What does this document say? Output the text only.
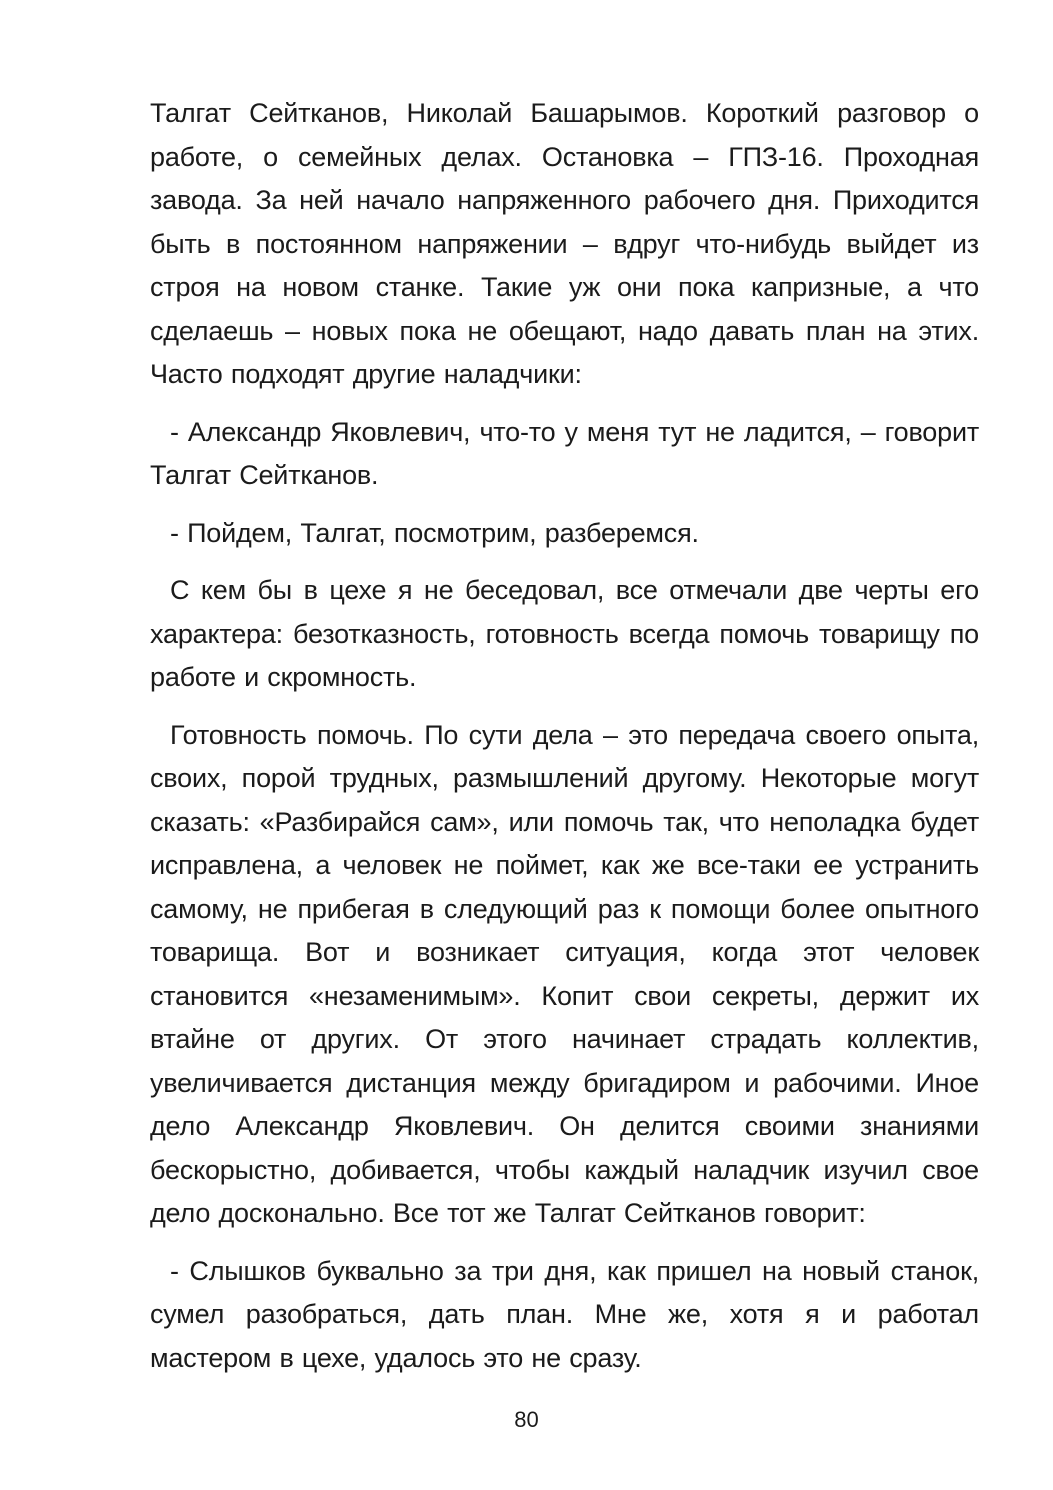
Талгат Сейтканов, Николай Башарымов. Короткий разговор о работе, о семейных делах. Остановка – ГПЗ-16. Проходная завода. За ней начало напряженного рабочего дня. Приходится быть в постоянном напряжении – вдруг что-нибудь выйдет из строя на новом станке. Такие уж они пока капризные, а что сделаешь – новых пока не обещают, надо давать план на этих. Часто подходят другие наладчики:

- Александр Яковлевич, что-то у меня тут не ладится, – говорит Талгат Сейтканов.

- Пойдем, Талгат, посмотрим, разберемся.

С кем бы в цехе я не беседовал, все отмечали две черты его характера: безотказность, готовность всегда помочь товарищу по работе и скромность.

Готовность помочь. По сути дела – это передача своего опыта, своих, порой трудных, размышлений другому. Некоторые могут сказать: «Разбирайся сам», или помочь так, что неполадка будет исправлена, а человек не поймет, как же все-таки ее устранить самому, не прибегая в следующий раз к помощи более опытного товарища. Вот и возникает ситуация, когда этот человек становится «незаменимым». Копит свои секреты, держит их втайне от других. От этого начинает страдать коллектив, увеличивается дистанция между бригадиром и рабочими. Иное дело Александр Яковлевич. Он делится своими знаниями бескорыстно, добивается, чтобы каждый наладчик изучил свое дело досконально. Все тот же Талгат Сейтканов говорит:

- Слышков буквально за три дня, как пришел на новый станок, сумел разобраться, дать план. Мне же, хотя я и работал мастером в цехе, удалось это не сразу.

80
